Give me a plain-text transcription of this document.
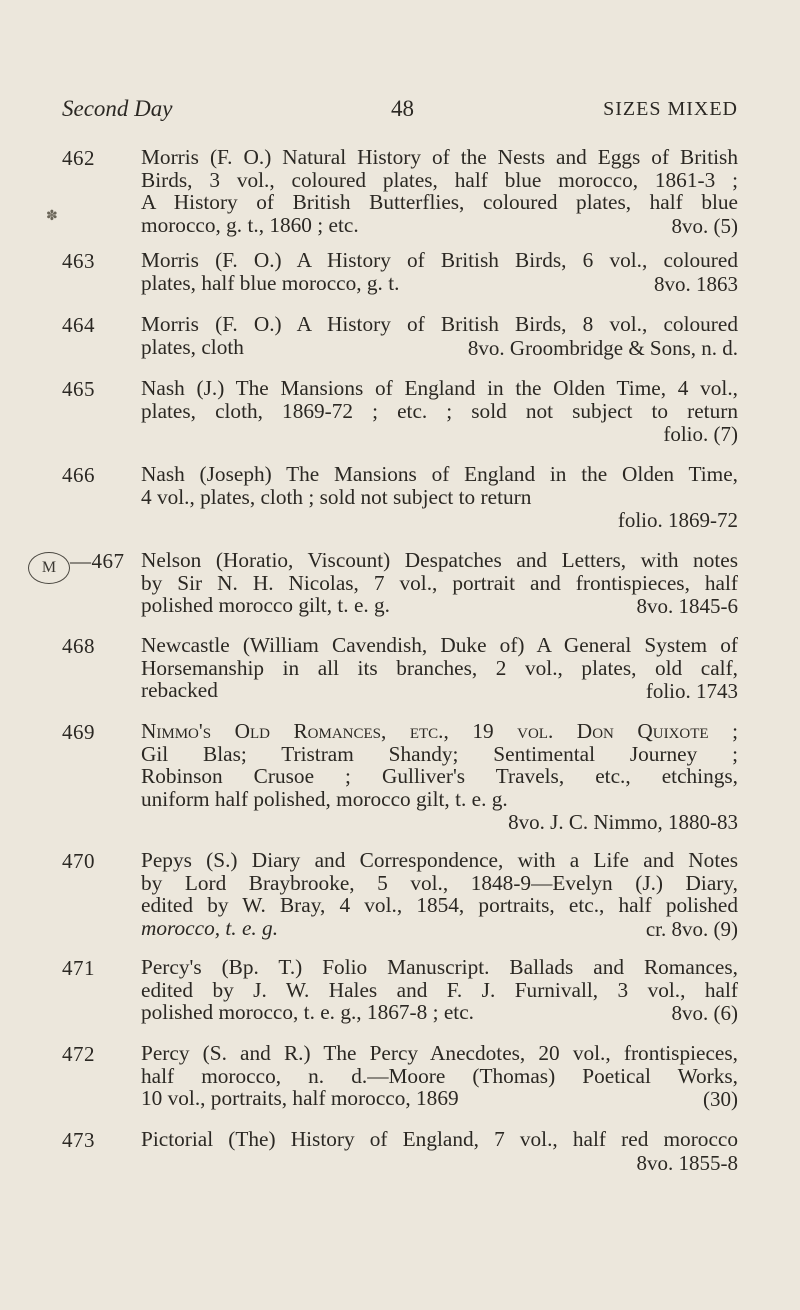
Second Day	48	SIZES MIXED
✽
462 Morris (F. O.) Natural History of the Nests and Eggs of British
Birds, 3 vol., coloured plates, half blue morocco, 1861-3 ;
A History of British Butterflies, coloured plates, half blue
morocco, g. t., 1860 ; etc.	8vo. (5)
463 Morris (F. O.) A History of British Birds, 6 vol., coloured
plates, half blue morocco, g. t.	8vo. 1863
464 Morris (F. O.) A History of British Birds, 8 vol., coloured
plates, cloth	8vo. Groombridge & Sons, n. d.
465 Nash (J.) The Mansions of England in the Olden Time, 4 vol.,
plates, cloth, 1869-72 ; etc. ; sold not subject to return
folio. (7)
466 Nash (Joseph) The Mansions of England in the Olden Time,
4 vol., plates, cloth ; sold not subject to return
folio. 1869-72
M —467 Nelson (Horatio, Viscount) Despatches and Letters, with notes
by Sir N. H. Nicolas, 7 vol., portrait and frontispieces, half
polished morocco gilt, t. e. g.	8vo. 1845-6
468 Newcastle (William Cavendish, Duke of) A General System of
Horsemanship in all its branches, 2 vol., plates, old calf,
rebacked	folio. 1743
469 Nimmo's Old Romances, etc., 19 vol. Don Quixote ;
Gil Blas; Tristram Shandy; Sentimental Journey ;
Robinson Crusoe ; Gulliver's Travels, etc., etchings,
uniform half polished, morocco gilt, t. e. g.
8vo. J. C. Nimmo, 1880-83
470 Pepys (S.) Diary and Correspondence, with a Life and Notes
by Lord Braybrooke, 5 vol., 1848-9—Evelyn (J.) Diary,
edited by W. Bray, 4 vol., 1854, portraits, etc., half polished
morocco, t. e. g.	cr. 8vo. (9)
471 Percy's (Bp. T.) Folio Manuscript. Ballads and Romances,
edited by J. W. Hales and F. J. Furnivall, 3 vol., half
polished morocco, t. e. g., 1867-8 ; etc.	8vo. (6)
472 Percy (S. and R.) The Percy Anecdotes, 20 vol., frontispieces,
half morocco, n. d.—Moore (Thomas) Poetical Works,
10 vol., portraits, half morocco, 1869	(30)
473 Pictorial (The) History of England, 7 vol., half red morocco
8vo. 1855-8
